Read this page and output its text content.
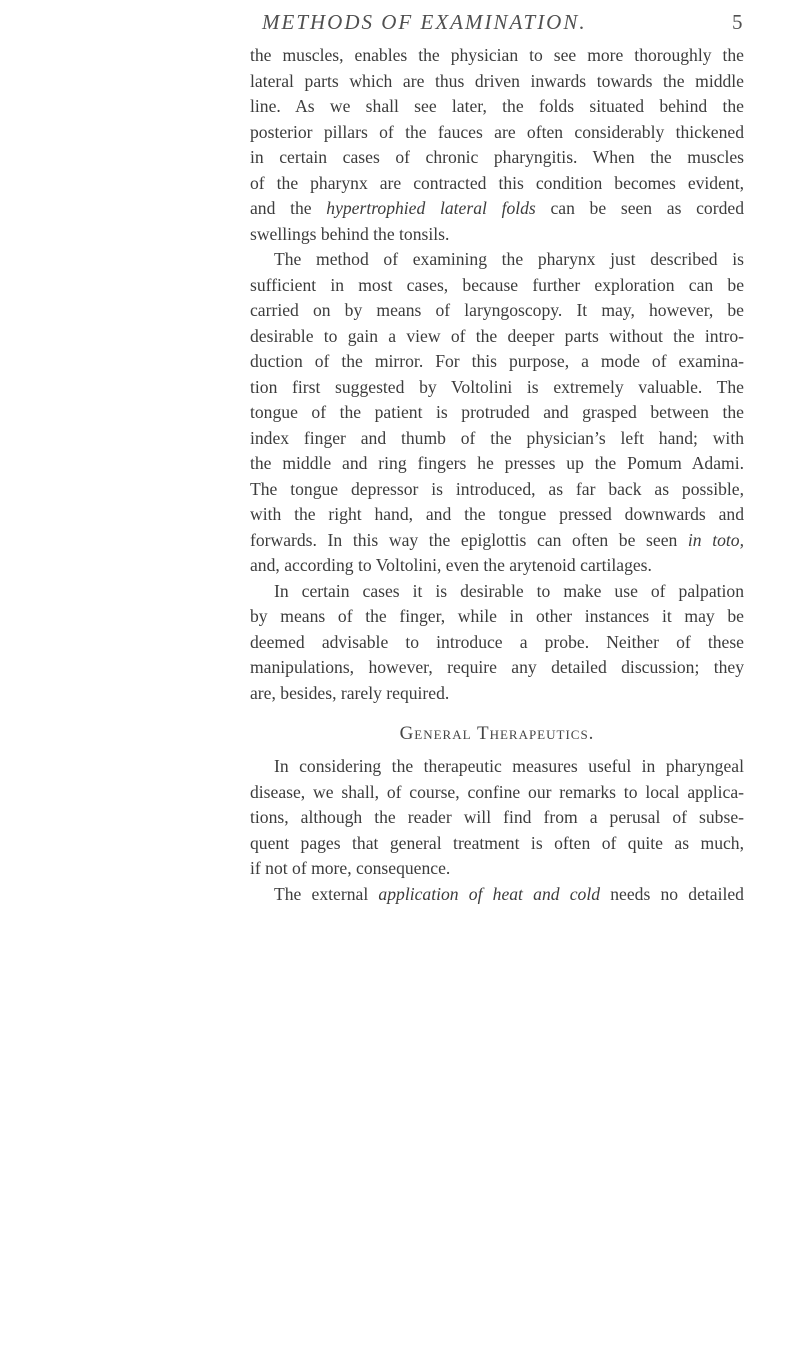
METHODS OF EXAMINATION.	5
the muscles, enables the physician to see more thoroughly the
lateral parts which are thus driven inwards towards the middle
line. As we shall see later, the folds situated behind the
posterior pillars of the fauces are often considerably thickened
in certain cases of chronic pharyngitis. When the muscles
of the pharynx are contracted this condition becomes evident,
and the hypertrophied lateral folds can be seen as corded
swellings behind the tonsils.
The method of examining the pharynx just described is
sufficient in most cases, because further exploration can be
carried on by means of laryngoscopy. It may, however, be
desirable to gain a view of the deeper parts without the intro-
duction of the mirror. For this purpose, a mode of examina-
tion first suggested by Voltolini is extremely valuable. The
tongue of the patient is protruded and grasped between the
index finger and thumb of the physician’s left hand; with
the middle and ring fingers he presses up the Pomum Adami.
The tongue depressor is introduced, as far back as possible,
with the right hand, and the tongue pressed downwards and
forwards. In this way the epiglottis can often be seen in toto,
and, according to Voltolini, even the arytenoid cartilages.
In certain cases it is desirable to make use of palpation
by means of the finger, while in other instances it may be
deemed advisable to introduce a probe. Neither of these
manipulations, however, require any detailed discussion; they
are, besides, rarely required.
General Therapeutics.
In considering the therapeutic measures useful in pharyngeal
disease, we shall, of course, confine our remarks to local applica-
tions, although the reader will find from a perusal of subse-
quent pages that general treatment is often of quite as much,
if not of more, consequence.
The external application of heat and cold needs no detailed
